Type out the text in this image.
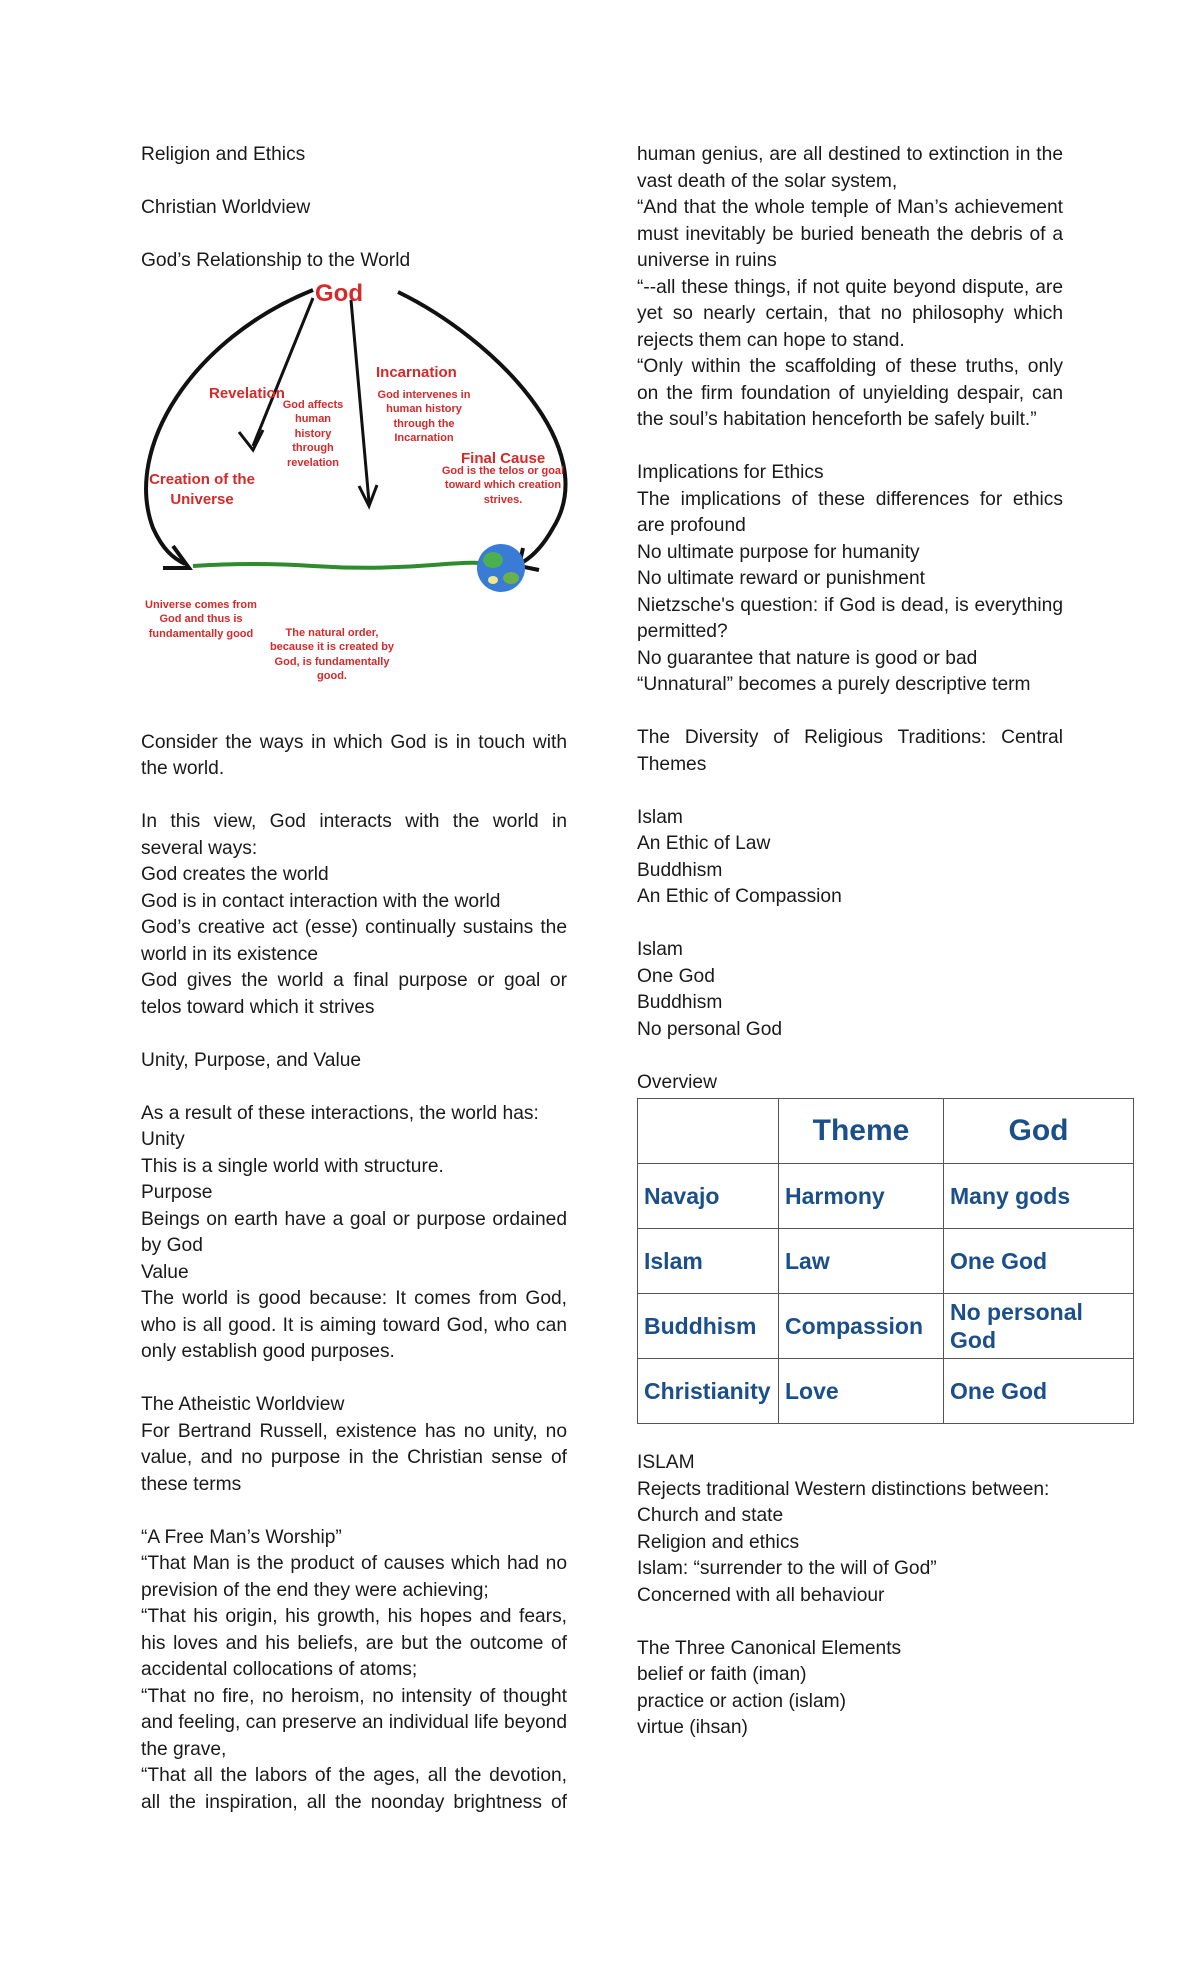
Religion and Ethics

Christian Worldview

God’s Relationship to the World

God
Revelation
God affects
human
history
through
revelation
Incarnation
God intervenes in
human history
through the
Incarnation
Creation of the
Universe
Final Cause
God is the telos or goal
toward which creation
strives.
Universe comes from
God and thus is
fundamentally good	The natural order,
because it is created by
God, is fundamentally
good.

Consider the ways in which God is in touch with the world.

In this view, God interacts with the world in several ways:

God creates the world

God is in contact interaction with the world

God’s creative act (esse) continually sustains the world in its existence

God gives the world a final purpose or goal or telos toward which it strives

Unity, Purpose, and Value

As a result of these interactions, the world has:

Unity

This is a single world with structure.

Purpose

Beings on earth have a goal or purpose ordained by God

Value

The world is good because: It comes from God, who is all good. It is aiming toward God, who can only establish good purposes.

The Atheistic Worldview

For Bertrand Russell, existence has no unity, no value, and no purpose in the Christian sense of these terms

“A Free Man’s Worship”

“That Man is the product of causes which had no prevision of the end they were achieving;

“That his origin, his growth, his hopes and fears, his loves and his beliefs, are but the outcome of accidental collocations of atoms;

“That no fire, no heroism, no intensity of thought and feeling, can preserve an individual life beyond the grave,

“That all the labors of the ages, all the devotion, all the inspiration, all the noonday brightness of

human genius, are all destined to extinction in the vast death of the solar system,

“And that the whole temple of Man’s achievement must inevitably be buried beneath the debris of a universe in ruins

“--all these things, if not quite beyond dispute, are yet so nearly certain, that no philosophy which rejects them can hope to stand.

“Only within the scaffolding of these truths, only on the firm foundation of unyielding despair, can the soul’s habitation henceforth be safely built.”

Implications for Ethics

The implications of these differences for ethics are profound

No ultimate purpose for humanity

No ultimate reward or punishment

Nietzsche's question: if God is dead, is everything permitted?

No guarantee that nature is good or bad

“Unnatural” becomes a purely descriptive term

The Diversity of Religious Traditions: Central Themes

Islam

An Ethic of Law

Buddhism

An Ethic of Compassion

Islam

One God

Buddhism

No personal God

Overview

	Theme	God
Navajo	Harmony	Many gods
Islam	Law	One God
Buddhism	Compassion	No personal God
Christianity	Love	One God

ISLAM

Rejects traditional Western distinctions between:

Church and state

Religion and ethics

Islam: “surrender to the will of God”

Concerned with all behaviour

The Three Canonical Elements

belief or faith (iman)

practice or action (islam)

virtue (ihsan)
